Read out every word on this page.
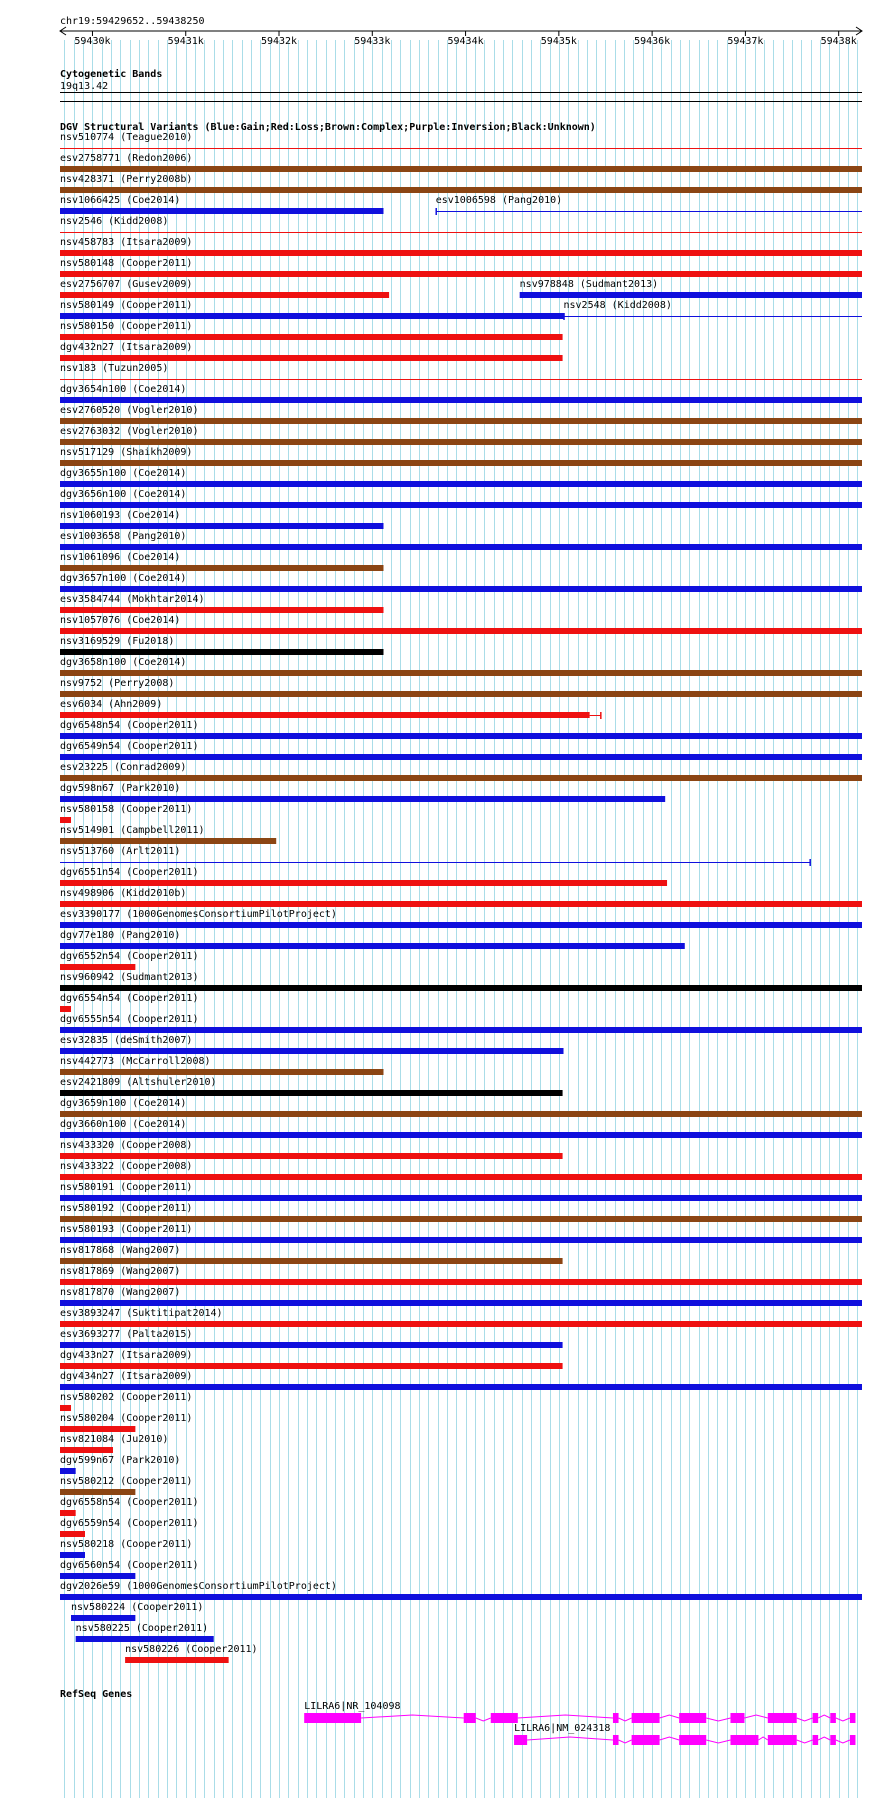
chr19:59429652..59438250
59430k	59431k	59432k	59433k	59434k	59435k	59436k	59437k	59438k
Cytogenetic Bands
19q13.42
DGV Structural Variants (Blue:Gain;Red:Loss;Brown:Complex;Purple:Inversion;Black:Unknown)
nsv510774 (Teague2010)
esv2758771 (Redon2006)
nsv428371 (Perry2008b)
nsv1066425 (Coe2014)	esv1006598 (Pang2010)
nsv2546 (Kidd2008)
nsv458783 (Itsara2009)
nsv580148 (Cooper2011)
esv2756707 (Gusev2009)	nsv978848 (Sudmant2013)
nsv580149 (Cooper2011)	nsv2548 (Kidd2008)
nsv580150 (Cooper2011)
dgv432n27 (Itsara2009)
nsv183 (Tuzun2005)
dgv3654n100 (Coe2014)
esv2760520 (Vogler2010)
esv2763032 (Vogler2010)
nsv517129 (Shaikh2009)
dgv3655n100 (Coe2014)
dgv3656n100 (Coe2014)
nsv1060193 (Coe2014)
esv1003658 (Pang2010)
nsv1061096 (Coe2014)
dgv3657n100 (Coe2014)
esv3584744 (Mokhtar2014)
nsv1057076 (Coe2014)
nsv3169529 (Fu2018)
dgv3658n100 (Coe2014)
nsv9752 (Perry2008)
esv6034 (Ahn2009)
dgv6548n54 (Cooper2011)
dgv6549n54 (Cooper2011)
esv23225 (Conrad2009)
dgv598n67 (Park2010)
nsv580158 (Cooper2011)
nsv514901 (Campbell2011)
nsv513760 (Arlt2011)
dgv6551n54 (Cooper2011)
nsv498906 (Kidd2010b)
esv3390177 (1000GenomesConsortiumPilotProject)
dgv77e180 (Pang2010)
dgv6552n54 (Cooper2011)
nsv960942 (Sudmant2013)
dgv6554n54 (Cooper2011)
dgv6555n54 (Cooper2011)
esv32835 (deSmith2007)
nsv442773 (McCarroll2008)
esv2421809 (Altshuler2010)
dgv3659n100 (Coe2014)
dgv3660n100 (Coe2014)
nsv433320 (Cooper2008)
nsv433322 (Cooper2008)
nsv580191 (Cooper2011)
nsv580192 (Cooper2011)
nsv580193 (Cooper2011)
nsv817868 (Wang2007)
nsv817869 (Wang2007)
nsv817870 (Wang2007)
esv3893247 (Suktitipat2014)
esv3693277 (Palta2015)
dgv433n27 (Itsara2009)
dgv434n27 (Itsara2009)
nsv580202 (Cooper2011)
nsv580204 (Cooper2011)
nsv821084 (Ju2010)
dgv599n67 (Park2010)
nsv580212 (Cooper2011)
dgv6558n54 (Cooper2011)
dgv6559n54 (Cooper2011)
nsv580218 (Cooper2011)
dgv6560n54 (Cooper2011)
dgv2026e59 (1000GenomesConsortiumPilotProject)
nsv580224 (Cooper2011)
nsv580225 (Cooper2011)
nsv580226 (Cooper2011)
RefSeq Genes
LILRA6|NR_104098
LILRA6|NM_024318
